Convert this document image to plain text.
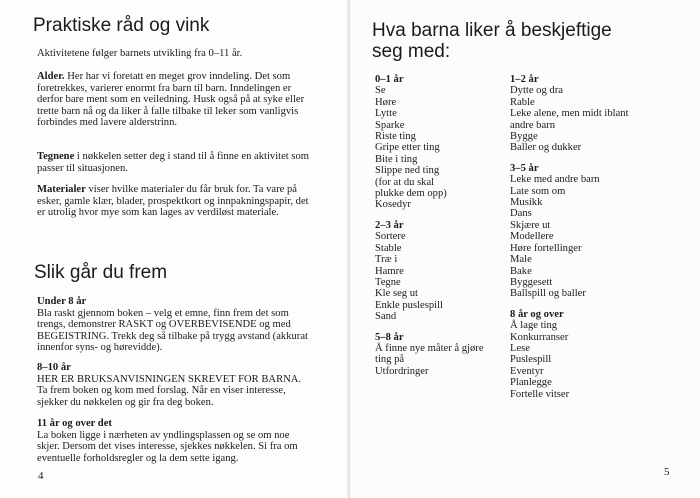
Praktiske råd og vink
Aktivitetene følger barnets utvikling fra 0–11 år.
Alder. Her har vi foretatt en meget grov inndeling. Det som foretrekkes, varierer enormt fra barn til barn. Inndelingen er derfor bare ment som en veiledning. Husk også på at syke eller trette barn nå og da liker å falle tilbake til leker som vanligvis forbindes med lavere alderstrinn.
Tegnene i nøkkelen setter deg i stand til å finne en aktivitet som passer til situasjonen.
Materialer viser hvilke materialer du får bruk for. Ta vare på esker, gamle klær, blader, prospektkort og innpakningspapir, det er utrolig hvor mye som kan lages av verdiløst materiale.
Slik går du frem
Under 8 år
Bla raskt gjennom boken – velg et emne, finn frem det som trengs, demonstrer RASKT og OVERBEVISENDE og med BEGEISTRING. Trekk deg så tilbake på trygg avstand (akkurat innenfor syns- og hørevidde).
8–10 år
HER ER BRUKSANVISNINGEN SKREVET FOR BARNA. Ta frem boken og kom med forslag. Når en viser interesse, sjekker du nøkkelen og gir fra deg boken.
11 år og over det
La boken ligge i nærheten av yndlingsplassen og se om noe skjer. Dersom det vises interesse, sjekkes nøkkelen. Si fra om eventuelle forholdsregler og la dem sette igang.
4
Hva barna liker å beskjeftige
seg med:
0–1 år
Se
Høre
Lytte
Sparke
Riste ting
Gripe etter ting
Bite i ting
Slippe ned ting
(for at du skal
plukke dem opp)
Kosedyr
2–3 år
Sortere
Stable
Træ i
Hamre
Tegne
Kle seg ut
Enkle puslespill
Sand
5–8 år
Å finne nye måter å gjøre
ting på
Utfordringer
1–2 år
Dytte og dra
Rable
Leke alene, men midt iblant
andre barn
Bygge
Baller og dukker
3–5 år
Leke med andre barn
Late som om
Musikk
Dans
Skjære ut
Modellere
Høre fortellinger
Male
Bake
Byggesett
Ballspill og baller
8 år og over
Å lage ting
Konkurranser
Lese
Puslespill
Eventyr
Planlegge
Fortelle vitser
5
